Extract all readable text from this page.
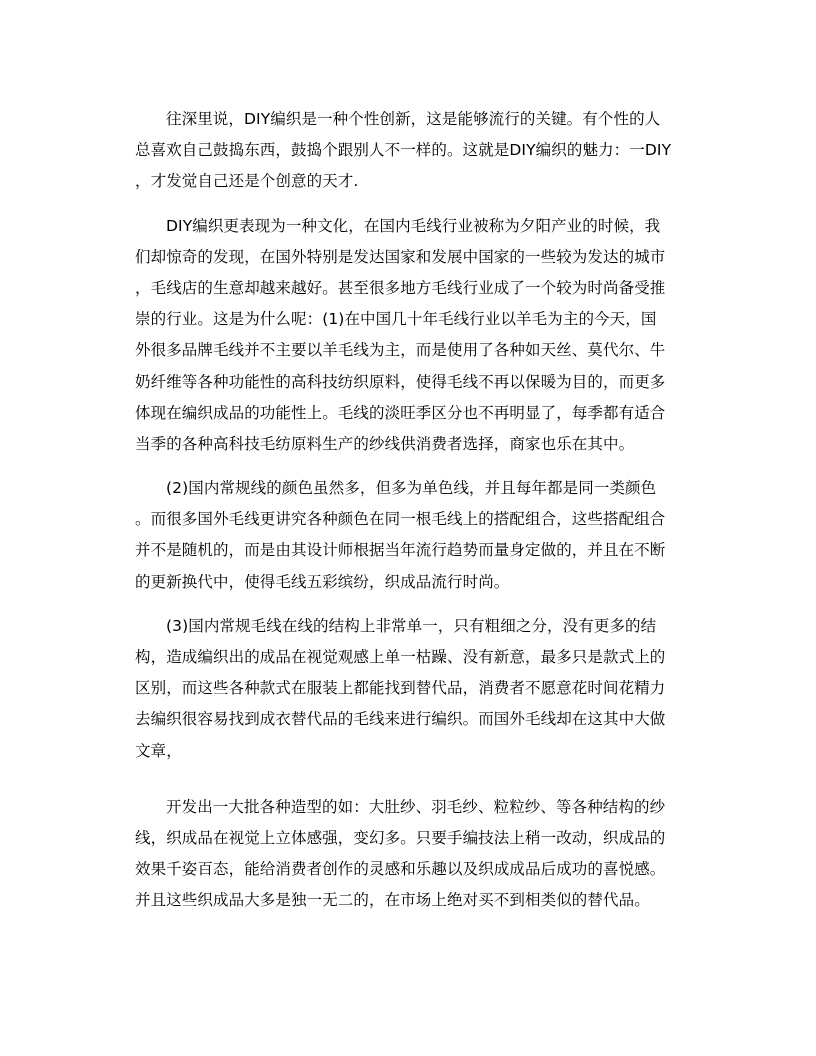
往深里说，DIY编织是一种个性创新，这是能够流行的关键。有个性的人
总喜欢自己鼓捣东西，鼓捣个跟别人不一样的。这就是DIY编织的魅力：一DIY
，才发觉自己还是个创意的天才.
DIY编织更表现为一种文化，在国内毛线行业被称为夕阳产业的时候，我
们却惊奇的发现，在国外特别是发达国家和发展中国家的一些较为发达的城市
，毛线店的生意却越来越好。甚至很多地方毛线行业成了一个较为时尚备受推
崇的行业。这是为什么呢：(1)在中国几十年毛线行业以羊毛为主的今天，国
外很多品牌毛线并不主要以羊毛线为主，而是使用了各种如天丝、莫代尔、牛
奶纤维等各种功能性的高科技纺织原料，使得毛线不再以保暖为目的，而更多
体现在编织成品的功能性上。毛线的淡旺季区分也不再明显了，每季都有适合
当季的各种高科技毛纺原料生产的纱线供消费者选择，商家也乐在其中。
(2)国内常规线的颜色虽然多，但多为单色线，并且每年都是同一类颜色
。而很多国外毛线更讲究各种颜色在同一根毛线上的搭配组合，这些搭配组合
并不是随机的，而是由其设计师根据当年流行趋势而量身定做的，并且在不断
的更新换代中，使得毛线五彩缤纷，织成品流行时尚。
(3)国内常规毛线在线的结构上非常单一，只有粗细之分，没有更多的结
构，造成编织出的成品在视觉观感上单一枯躁、没有新意，最多只是款式上的
区别，而这些各种款式在服装上都能找到替代品，消费者不愿意花时间花精力
去编织很容易找到成衣替代品的毛线来进行编织。而国外毛线却在这其中大做
文章，
开发出一大批各种造型的如：大肚纱、羽毛纱、粒粒纱、等各种结构的纱
线，织成品在视觉上立体感强，变幻多。只要手编技法上稍一改动，织成品的
效果千姿百态，能给消费者创作的灵感和乐趣以及织成成品后成功的喜悦感。
并且这些织成品大多是独一无二的，在市场上绝对买不到相类似的替代品。
